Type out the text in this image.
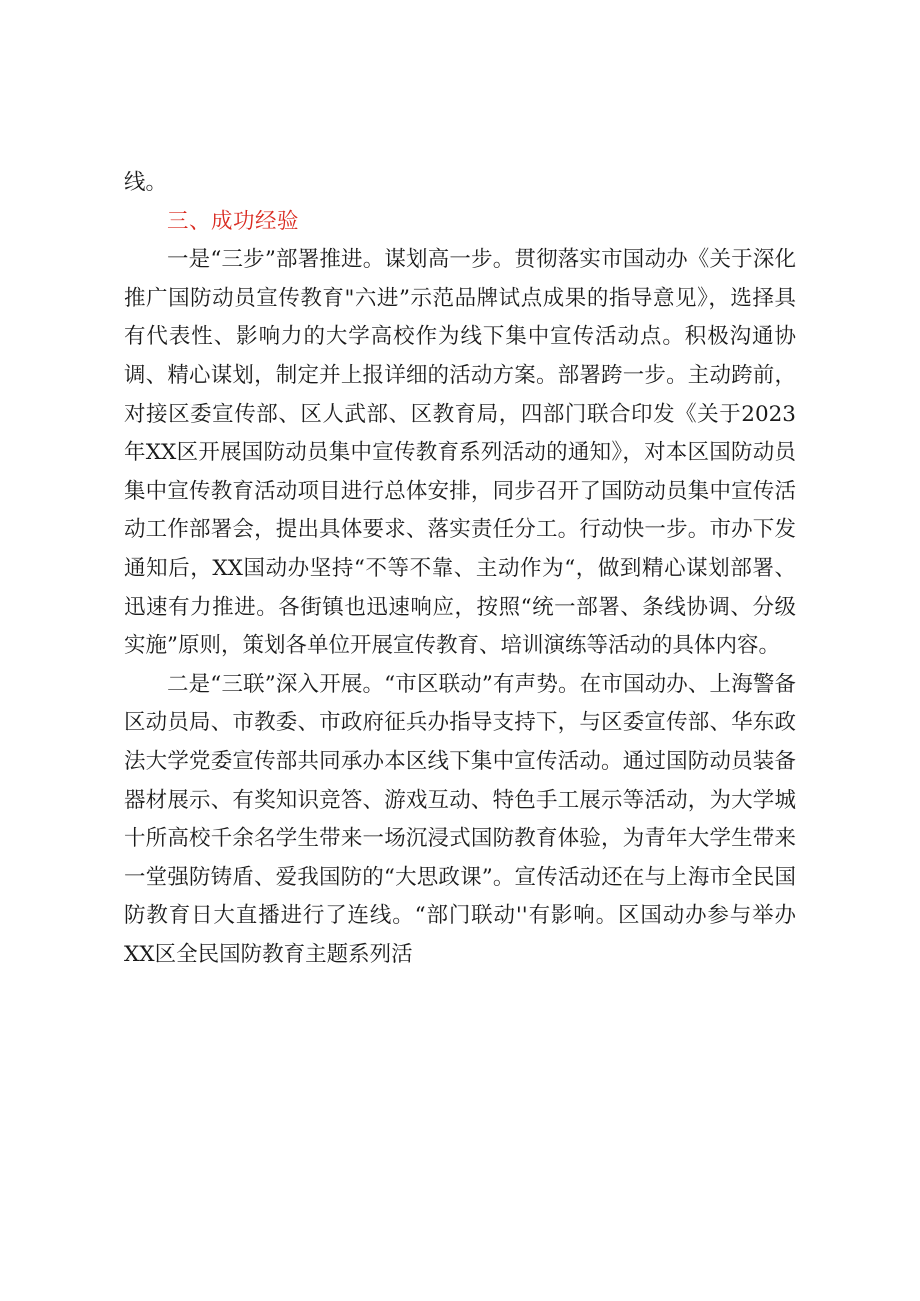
线。

三、成功经验

一是“三步”部署推进。谋划高一步。贯彻落实市国动办《关于深化推广国防动员宣传教育"六进”示范品牌试点成果的指导意见》，选择具有代表性、影响力的大学高校作为线下集中宣传活动点。积极沟通协调、精心谋划，制定并上报详细的活动方案。部署跨一步。主动跨前，对接区委宣传部、区人武部、区教育局，四部门联合印发《关于2023年XX区开展国防动员集中宣传教育系列活动的通知》，对本区国防动员集中宣传教育活动项目进行总体安排，同步召开了国防动员集中宣传活动工作部署会，提出具体要求、落实责任分工。行动快一步。市办下发通知后，XX国动办坚持“不等不靠、主动作为“，做到精心谋划部署、迅速有力推进。各街镇也迅速响应，按照“统一部署、条线协调、分级实施”原则，策划各单位开展宣传教育、培训演练等活动的具体内容。

二是“三联”深入开展。“市区联动”有声势。在市国动办、上海警备区动员局、市教委、市政府征兵办指导支持下，与区委宣传部、华东政法大学党委宣传部共同承办本区线下集中宣传活动。通过国防动员装备器材展示、有奖知识竞答、游戏互动、特色手工展示等活动，为大学城十所高校千余名学生带来一场沉浸式国防教育体验，为青年大学生带来一堂强防铸盾、爱我国防的“大思政课”。宣传活动还在与上海市全民国防教育日大直播进行了连线。“部门联动''有影响。区国动办参与举办XX区全民国防教育主题系列活
